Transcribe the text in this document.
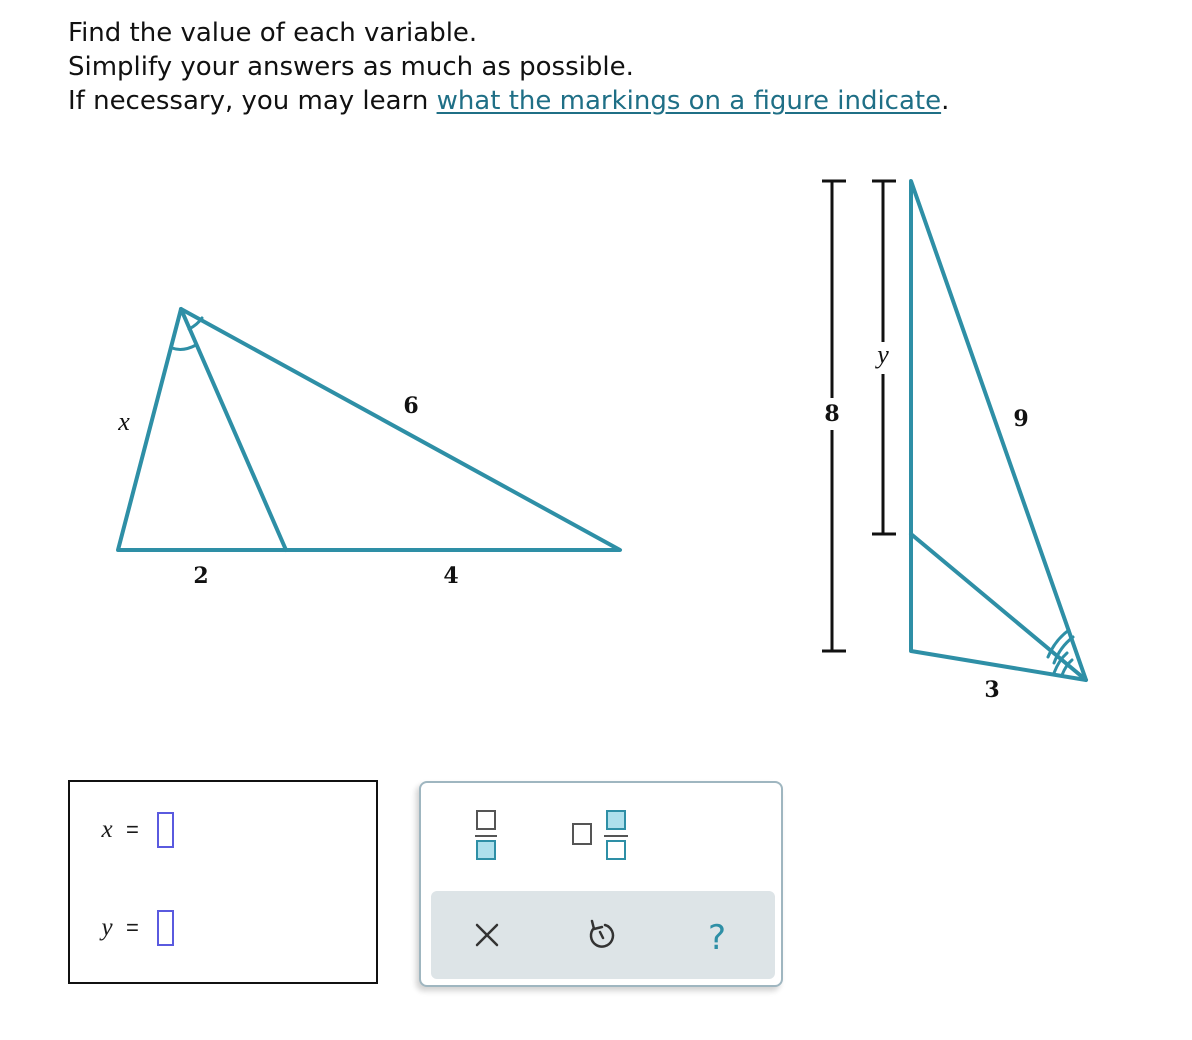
Find the value of each variable.
Simplify your answers as much as possible.
If necessary, you may learn what the markings on a figure indicate.
x
6
2	4
y
8	9
3
x =
y =	?
